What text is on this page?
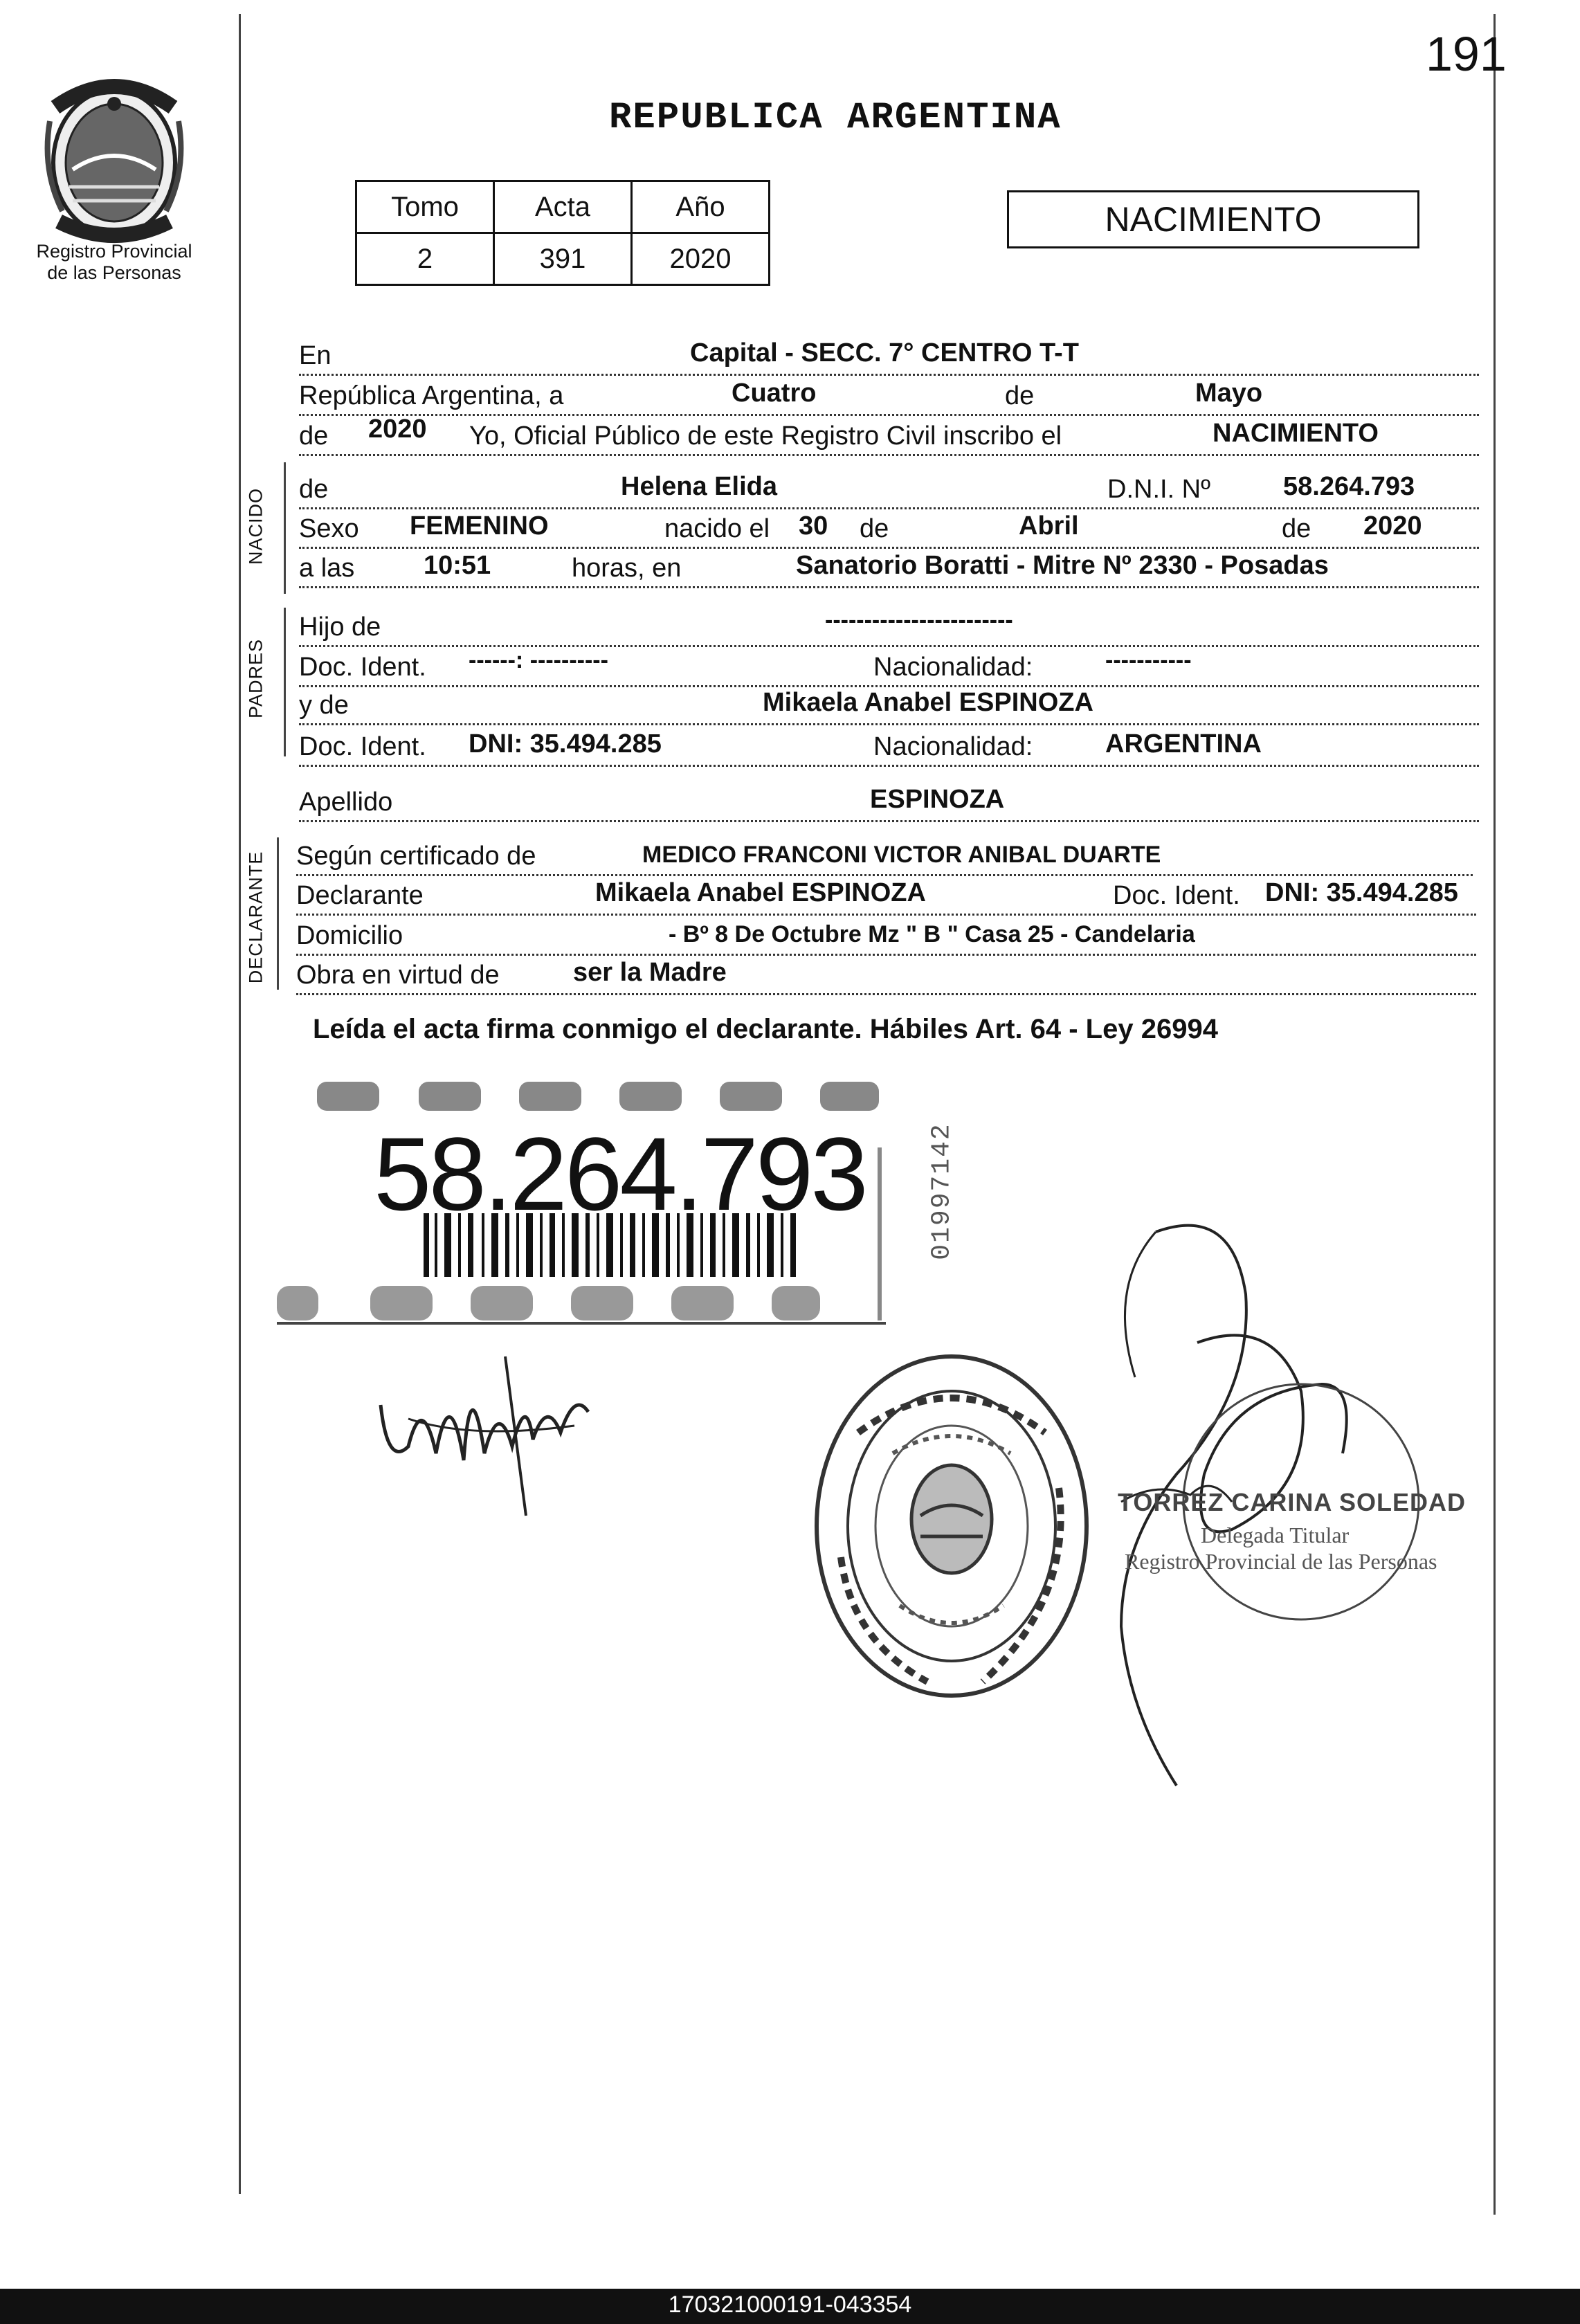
191
Registro Provincial
de las Personas
REPUBLICA ARGENTINA
Tomo	Acta	Año
2	391	2020
NACIMIENTO
En	Capital - SECC. 7° CENTRO T-T
República Argentina, a	Cuatro	de	Mayo
de 2020 Yo, Oficial Público de este Registro Civil inscribo el	NACIMIENTO
NACIDO de	Helena Elida	D.N.I. Nº	58.264.793
Sexo FEMENINO	nacido el 30 de	Abril	de 2020
a las	10:51	horas, en	Sanatorio Boratti - Mitre Nº 2330 - Posadas
PADRES
Hijo de	------------------------
Doc. Ident. ------: ----------	Nacionalidad:	-----------
y de	Mikaela Anabel ESPINOZA
Doc. Ident. DNI: 35.494.285	Nacionalidad:	ARGENTINA
Apellido	ESPINOZA
DECLARANTE Según certificado de	MEDICO FRANCONI VICTOR ANIBAL DUARTE
Declarante	Mikaela Anabel ESPINOZA	Doc. Ident. DNI: 35.494.285
Domicilio	- Bº 8 De Octubre Mz " B " Casa 25 - Candelaria
Obra en virtud de	ser la Madre
Leída el acta firma conmigo el declarante. Hábiles Art. 64 - Ley 26994
58.264.793 01997142
TORREZ CARINA SOLEDAD
Delegada Titular
Registro Provincial de las Personas
170321000191-043354
